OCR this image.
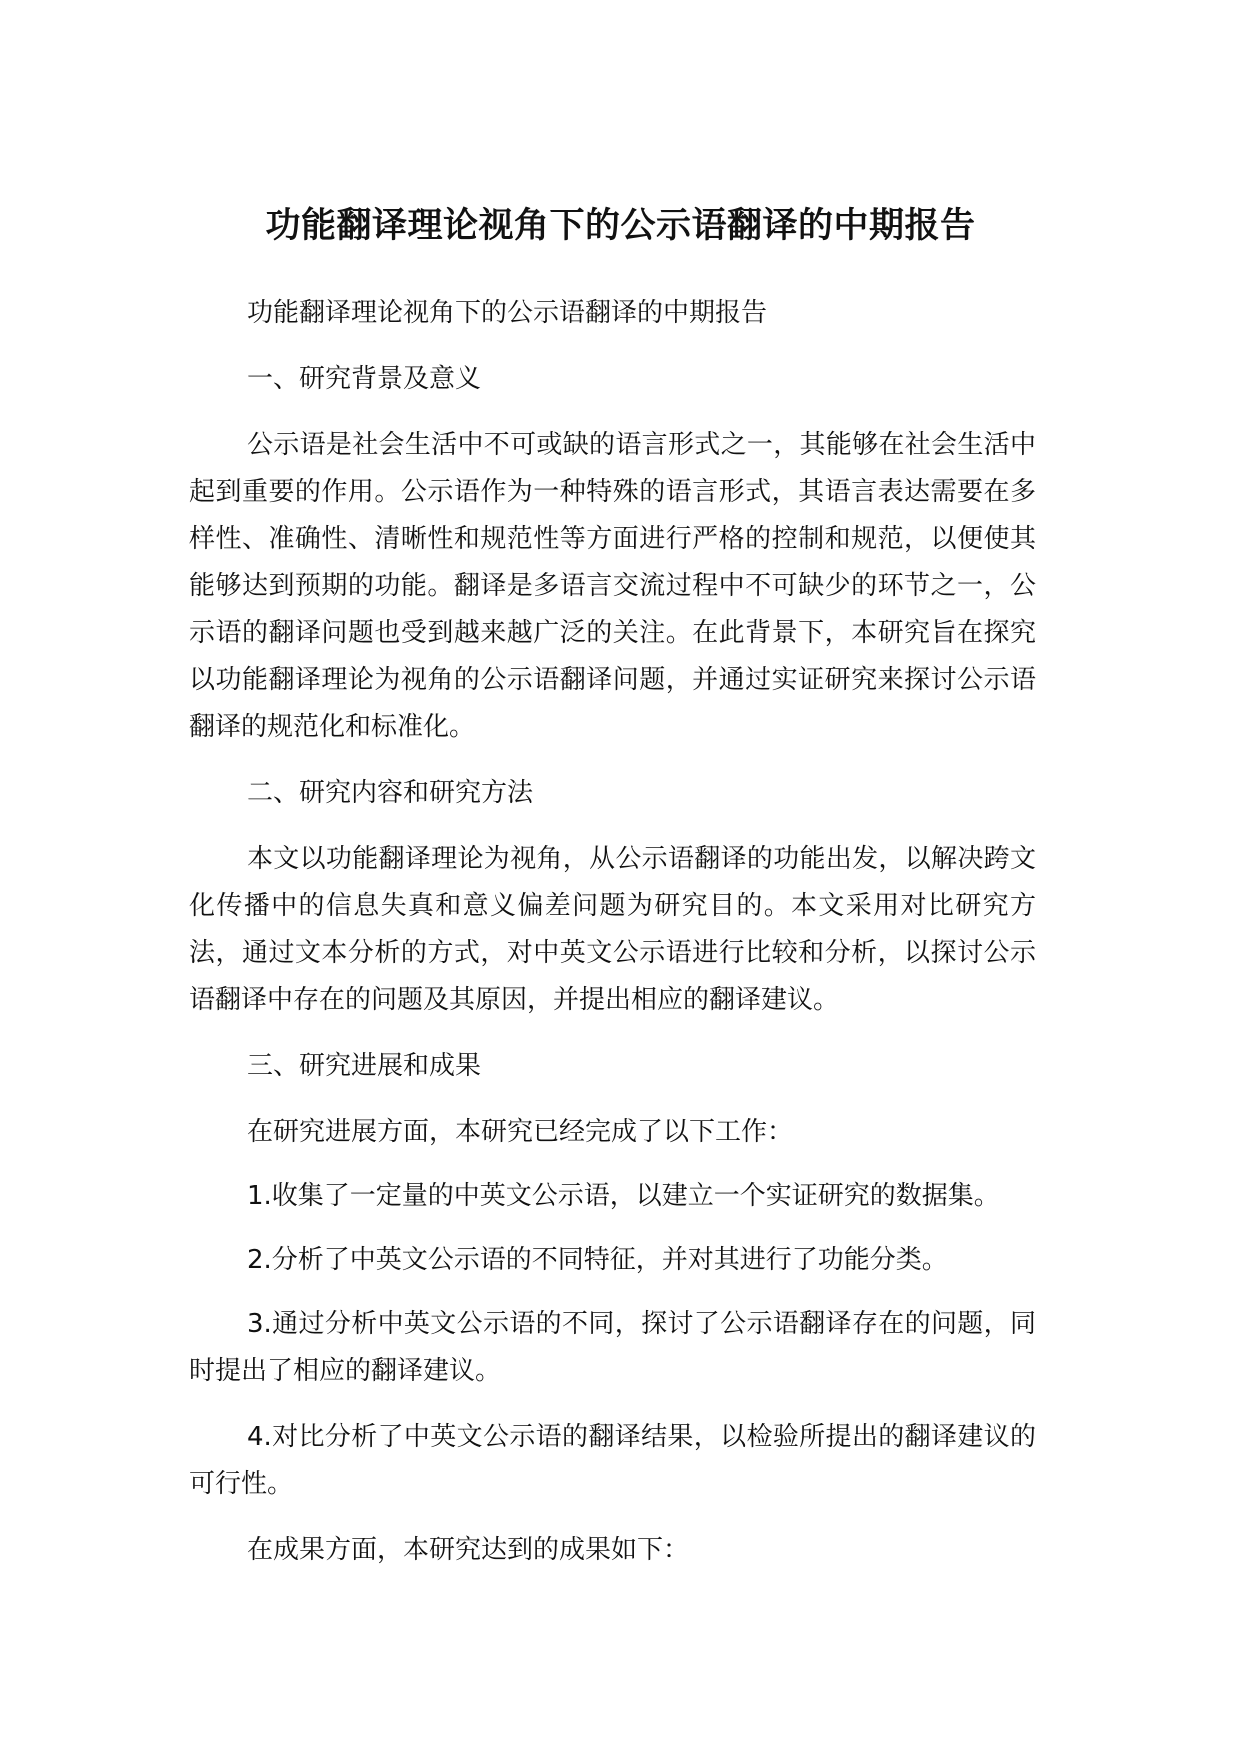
功能翻译理论视角下的公示语翻译的中期报告

功能翻译理论视角下的公示语翻译的中期报告

一、研究背景及意义

公示语是社会生活中不可或缺的语言形式之一，其能够在社会生活中起到重要的作用。公示语作为一种特殊的语言形式，其语言表达需要在多样性、准确性、清晰性和规范性等方面进行严格的控制和规范，以便使其能够达到预期的功能。翻译是多语言交流过程中不可缺少的环节之一，公示语的翻译问题也受到越来越广泛的关注。在此背景下，本研究旨在探究以功能翻译理论为视角的公示语翻译问题，并通过实证研究来探讨公示语翻译的规范化和标准化。

二、研究内容和研究方法

本文以功能翻译理论为视角，从公示语翻译的功能出发，以解决跨文化传播中的信息失真和意义偏差问题为研究目的。本文采用对比研究方法，通过文本分析的方式，对中英文公示语进行比较和分析，以探讨公示语翻译中存在的问题及其原因，并提出相应的翻译建议。

三、研究进展和成果

在研究进展方面，本研究已经完成了以下工作：

1.收集了一定量的中英文公示语，以建立一个实证研究的数据集。

2.分析了中英文公示语的不同特征，并对其进行了功能分类。

3.通过分析中英文公示语的不同，探讨了公示语翻译存在的问题，同时提出了相应的翻译建议。

4.对比分析了中英文公示语的翻译结果，以检验所提出的翻译建议的可行性。

在成果方面，本研究达到的成果如下：
